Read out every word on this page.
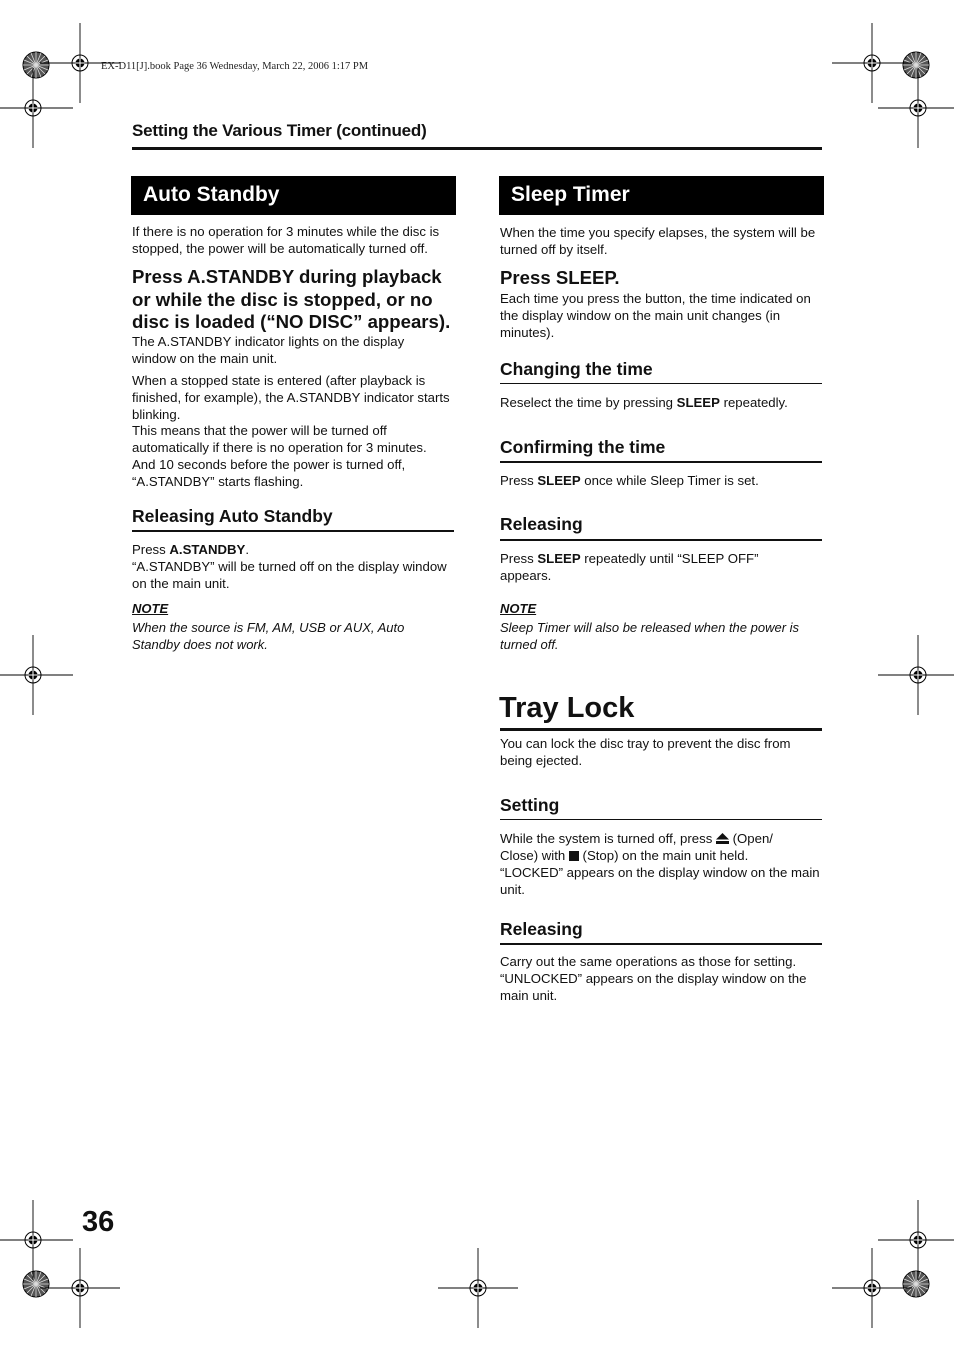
EX-D11[J].book Page 36 Wednesday, March 22, 2006 1:17 PM
Setting the Various Timer (continued)
Auto Standby
If there is no operation for 3 minutes while the disc is stopped, the power will be automatically turned off.
Press A.STANDBY during playback or while the disc is stopped, or no disc is loaded (“NO DISC” appears).
The A.STANDBY indicator lights on the display window on the main unit.
When a stopped state is entered (after playback is finished, for example), the A.STANDBY indicator starts blinking.
This means that the power will be turned off automatically if there is no operation for 3 minutes.
And 10 seconds before the power is turned off, “A.STANDBY” starts flashing.
Releasing Auto Standby
Press A.STANDBY.
“A.STANDBY” will be turned off on the display window on the main unit.
NOTE
When the source is FM, AM, USB or AUX, Auto Standby does not work.
Sleep Timer
When the time you specify elapses, the system will be turned off by itself.
Press SLEEP.
Each time you press the button, the time indicated on the display window on the main unit changes (in minutes).
Changing the time
Reselect the time by pressing SLEEP repeatedly.
Confirming the time
Press SLEEP once while Sleep Timer is set.
Releasing
Press SLEEP repeatedly until “SLEEP OFF” appears.
NOTE
Sleep Timer will also be released when the power is turned off.
Tray Lock
You can lock the disc tray to prevent the disc from being ejected.
Setting
While the system is turned off, press  (Open/ Close) with  (Stop) on the main unit held.
“LOCKED” appears on the display window on the main unit.
Releasing
Carry out the same operations as those for setting.
“UNLOCKED” appears on the display window on the main unit.
36
